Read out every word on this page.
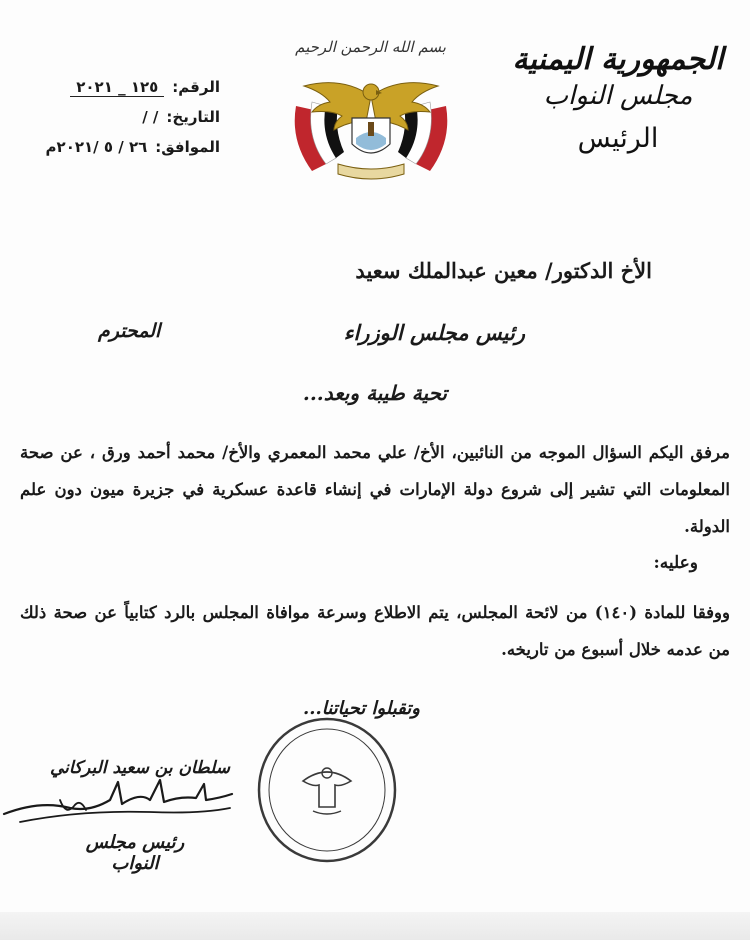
الجمهورية اليمنية
مجلس النواب
الرئيس
بسم الله الرحمن الرحيم
الرقم:
١٢٥ _ ٢٠٢١
التاريخ:
/ /
الموافق:
٢٦ / ٥ /٢٠٢١م
الأخ الدكتور/ معين عبدالملك سعيد
رئيس مجلس الوزراء
المحترم
تحية طيبة وبعد...
مرفق اليكم السؤال الموجه من النائبين، الأخ/ علي محمد المعمري والأخ/ محمد أحمد ورق ، عن صحة المعلومات التي تشير إلى شروع دولة الإمارات في إنشاء قاعدة عسكرية في جزيرة ميون دون علم الدولة.
وعليه:
ووفقا للمادة (١٤٠) من لائحة المجلس، يتم الاطلاع وسرعة موافاة المجلس بالرد كتابياً عن صحة ذلك من عدمه خلال أسبوع من تاريخه.
وتقبلوا تحياتنا...
سلطان بن سعيد البركاني
رئيس مجلس النواب
